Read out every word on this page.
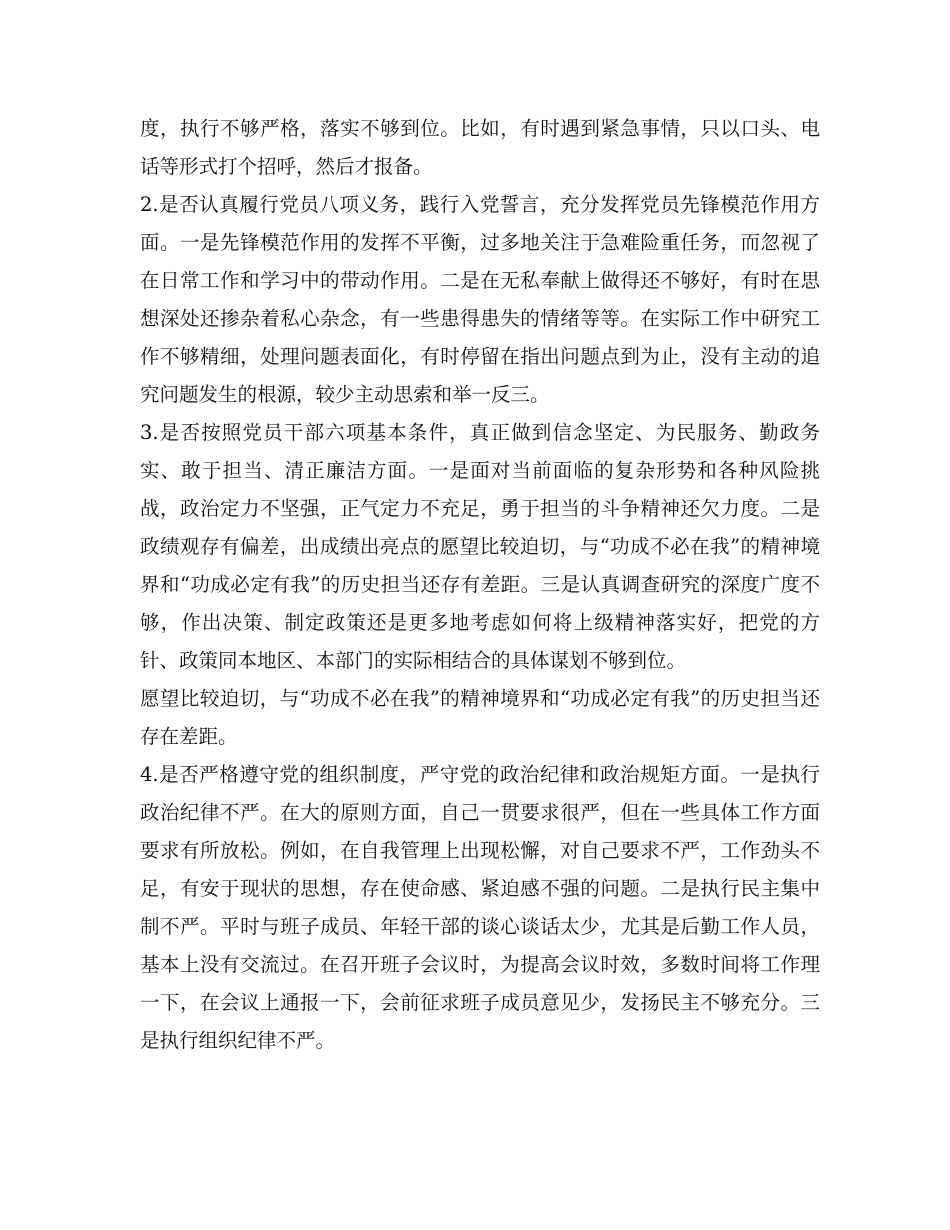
度，执行不够严格，落实不够到位。比如，有时遇到紧急事情，只以口头、电话等形式打个招呼，然后才报备。

2.是否认真履行党员八项义务，践行入党誓言，充分发挥党员先锋模范作用方面。一是先锋模范作用的发挥不平衡，过多地关注于急难险重任务，而忽视了在日常工作和学习中的带动作用。二是在无私奉献上做得还不够好，有时在思想深处还掺杂着私心杂念，有一些患得患失的情绪等等。在实际工作中研究工作不够精细，处理问题表面化，有时停留在指出问题点到为止，没有主动的追究问题发生的根源，较少主动思索和举一反三。

3.是否按照党员干部六项基本条件，真正做到信念坚定、为民服务、勤政务实、敢于担当、清正廉洁方面。一是面对当前面临的复杂形势和各种风险挑战，政治定力不坚强，正气定力不充足，勇于担当的斗争精神还欠力度。二是政绩观存有偏差，出成绩出亮点的愿望比较迫切，与“功成不必在我”的精神境界和“功成必定有我”的历史担当还存有差距。三是认真调查研究的深度广度不够，作出决策、制定政策还是更多地考虑如何将上级精神落实好，把党的方针、政策同本地区、本部门的实际相结合的具体谋划不够到位。

愿望比较迫切，与“功成不必在我”的精神境界和“功成必定有我”的历史担当还存在差距。

4.是否严格遵守党的组织制度，严守党的政治纪律和政治规矩方面。一是执行政治纪律不严。在大的原则方面，自己一贯要求很严，但在一些具体工作方面要求有所放松。例如，在自我管理上出现松懈，对自己要求不严，工作劲头不足，有安于现状的思想，存在使命感、紧迫感不强的问题。二是执行民主集中制不严。平时与班子成员、年轻干部的谈心谈话太少，尤其是后勤工作人员，基本上没有交流过。在召开班子会议时，为提高会议时效，多数时间将工作理一下，在会议上通报一下，会前征求班子成员意见少，发扬民主不够充分。三是执行组织纪律不严。
